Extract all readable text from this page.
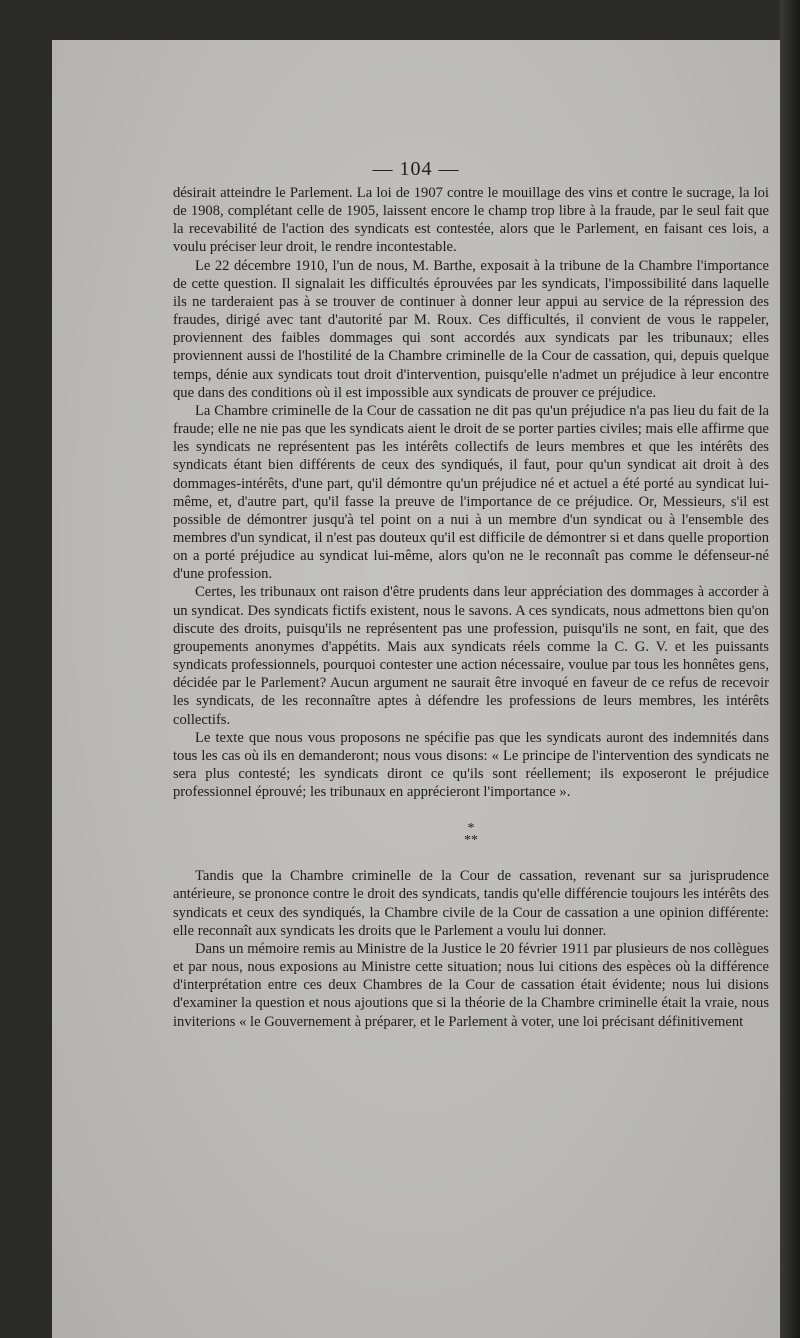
— 104 —

désirait atteindre le Parlement. La loi de 1907 contre le mouillage des vins et contre le sucrage, la loi de 1908, complétant celle de 1905, laissent encore le champ trop libre à la fraude, par le seul fait que la recevabilité de l'action des syndicats est contestée, alors que le Parlement, en faisant ces lois, a voulu préciser leur droit, le rendre incontestable.

Le 22 décembre 1910, l'un de nous, M. Barthe, exposait à la tribune de la Chambre l'importance de cette question. Il signalait les difficultés éprouvées par les syndicats, l'impossibilité dans laquelle ils ne tarderaient pas à se trouver de continuer à donner leur appui au service de la répression des fraudes, dirigé avec tant d'autorité par M. Roux. Ces difficultés, il convient de vous le rappeler, proviennent des faibles dommages qui sont accordés aux syndicats par les tribunaux; elles proviennent aussi de l'hostilité de la Chambre criminelle de la Cour de cassation, qui, depuis quelque temps, dénie aux syndicats tout droit d'intervention, puisqu'elle n'admet un préjudice à leur encontre que dans des conditions où il est impossible aux syndicats de prouver ce préjudice.

La Chambre criminelle de la Cour de cassation ne dit pas qu'un préjudice n'a pas lieu du fait de la fraude; elle ne nie pas que les syndicats aient le droit de se porter parties civiles; mais elle affirme que les syndicats ne représentent pas les intérêts collectifs de leurs membres et que les intérêts des syndicats étant bien différents de ceux des syndiqués, il faut, pour qu'un syndicat ait droit à des dommages-intérêts, d'une part, qu'il démontre qu'un préjudice né et actuel a été porté au syndicat lui-même, et, d'autre part, qu'il fasse la preuve de l'importance de ce préjudice. Or, Messieurs, s'il est possible de démontrer jusqu'à tel point on a nui à un membre d'un syndicat ou à l'ensemble des membres d'un syndicat, il n'est pas douteux qu'il est difficile de démontrer si et dans quelle proportion on a porté préjudice au syndicat lui-même, alors qu'on ne le reconnaît pas comme le défenseur-né d'une profession.

Certes, les tribunaux ont raison d'être prudents dans leur appréciation des dommages à accorder à un syndicat. Des syndicats fictifs existent, nous le savons. A ces syndicats, nous admettons bien qu'on discute des droits, puisqu'ils ne représentent pas une profession, puisqu'ils ne sont, en fait, que des groupements anonymes d'appétits. Mais aux syndicats réels comme la C. G. V. et les puissants syndicats professionnels, pourquoi contester une action nécessaire, voulue par tous les honnêtes gens, décidée par le Parlement? Aucun argument ne saurait être invoqué en faveur de ce refus de recevoir les syndicats, de les reconnaître aptes à défendre les professions de leurs membres, les intérêts collectifs.

Le texte que nous vous proposons ne spécifie pas que les syndicats auront des indemnités dans tous les cas où ils en demanderont; nous vous disons: « Le principe de l'intervention des syndicats ne sera plus contesté; les syndicats diront ce qu'ils sont réellement; ils exposeront le préjudice professionnel éprouvé; les tribunaux en apprécieront l'importance ».

*
**

Tandis que la Chambre criminelle de la Cour de cassation, revenant sur sa jurisprudence antérieure, se prononce contre le droit des syndicats, tandis qu'elle différencie toujours les intérêts des syndicats et ceux des syndiqués, la Chambre civile de la Cour de cassation a une opinion différente: elle reconnaît aux syndicats les droits que le Parlement a voulu lui donner.

Dans un mémoire remis au Ministre de la Justice le 20 février 1911 par plusieurs de nos collègues et par nous, nous exposions au Ministre cette situation; nous lui citions des espèces où la différence d'interprétation entre ces deux Chambres de la Cour de cassation était évidente; nous lui disions d'examiner la question et nous ajoutions que si la théorie de la Chambre criminelle était la vraie, nous inviterions « le Gouvernement à préparer, et le Parlement à voter, une loi précisant définitivement
